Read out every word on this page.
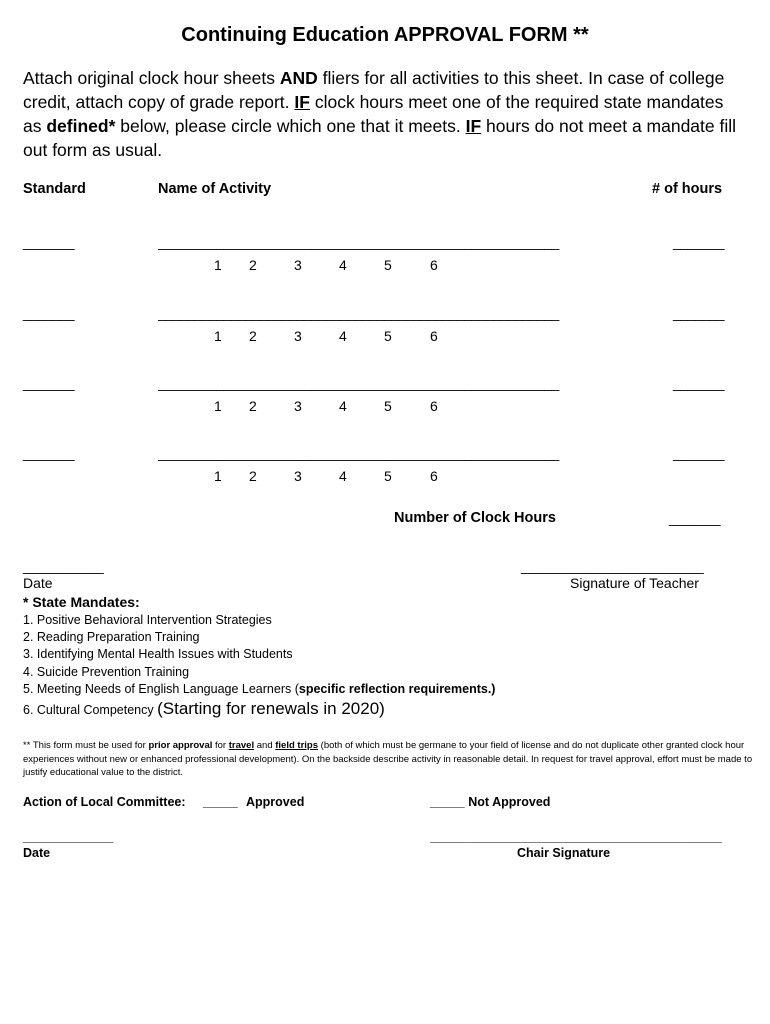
Continuing Education APPROVAL FORM **
Attach original clock hour sheets AND fliers for all activities to this sheet. In case of college
credit, attach copy of grade report. IF clock hours meet one of the required state mandates
as defined* below, please circle which one that it meets. IF hours do not meet a mandate fill
out form as usual.
Standard	Name of Activity	# of hours
_______	_______________________________________________________	_______
1 2	3	4	5	6
_______	_______________________________________________________	_______
1 2	3	4	5	6
_______	_______________________________________________________	_______
1 2	3	4	5	6
_______	_______________________________________________________	_______
1 2	3	4	5	6
Number of Clock Hours	_______
___________
Date
_________________________
Signature of Teacher
* State Mandates:
1. Positive Behavioral Intervention Strategies
2. Reading Preparation Training
3. Identifying Mental Health Issues with Students
4. Suicide Prevention Training
5. Meeting Needs of English Language Learners (specific reflection requirements.)
6. Cultural Competency (Starting for renewals in 2020)
** This form must be used for prior approval for travel and field trips (both of which must be germane to your field of license and do not duplicate other granted clock hour experiences without new or enhanced professional development). On the backside describe activity in reasonable detail. In request for travel approval, effort must be made to justify educational value to the district.
Action of Local Committee: _____ Approved	_____ Not Approved
_____________
Date
__________________________________________
Chair Signature
